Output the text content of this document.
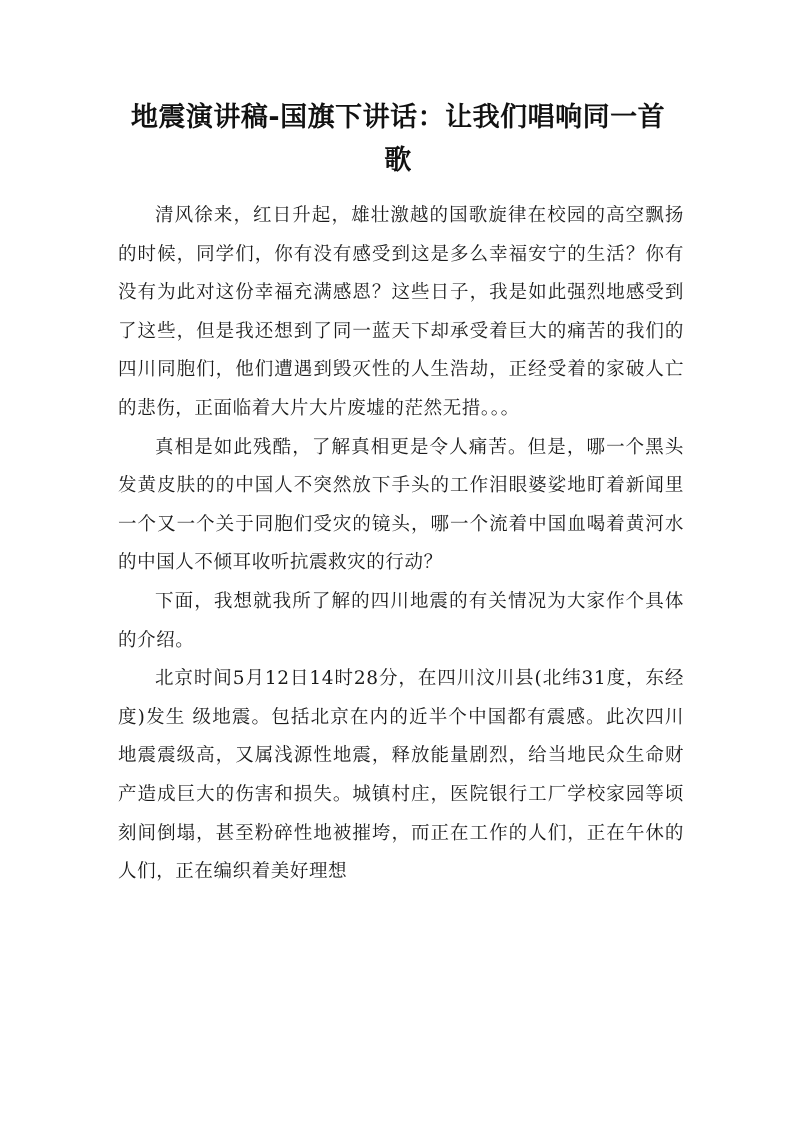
地震演讲稿-国旗下讲话：让我们唱响同一首歌

清风徐来，红日升起，雄壮激越的国歌旋律在校园的高空飘扬的时候，同学们，你有没有感受到这是多么幸福安宁的生活？你有没有为此对这份幸福充满感恩？这些日子，我是如此强烈地感受到了这些，但是我还想到了同一蓝天下却承受着巨大的痛苦的我们的四川同胞们，他们遭遇到毁灭性的人生浩劫，正经受着的家破人亡的悲伤，正面临着大片大片废墟的茫然无措。。。

真相是如此残酷，了解真相更是令人痛苦。但是，哪一个黑头发黄皮肤的的中国人不突然放下手头的工作泪眼婆娑地盯着新闻里一个又一个关于同胞们受灾的镜头，哪一个流着中国血喝着黄河水的中国人不倾耳收听抗震救灾的行动？

下面，我想就我所了解的四川地震的有关情况为大家作个具体的介绍。

北京时间5月12日14时28分，在四川汶川县(北纬31度，东经 度)发生 级地震。包括北京在内的近半个中国都有震感。此次四川地震震级高，又属浅源性地震，释放能量剧烈，给当地民众生命财产造成巨大的伤害和损失。城镇村庄，医院银行工厂学校家园等顷刻间倒塌，甚至粉碎性地被摧垮，而正在工作的人们，正在午休的人们，正在编织着美好理想
